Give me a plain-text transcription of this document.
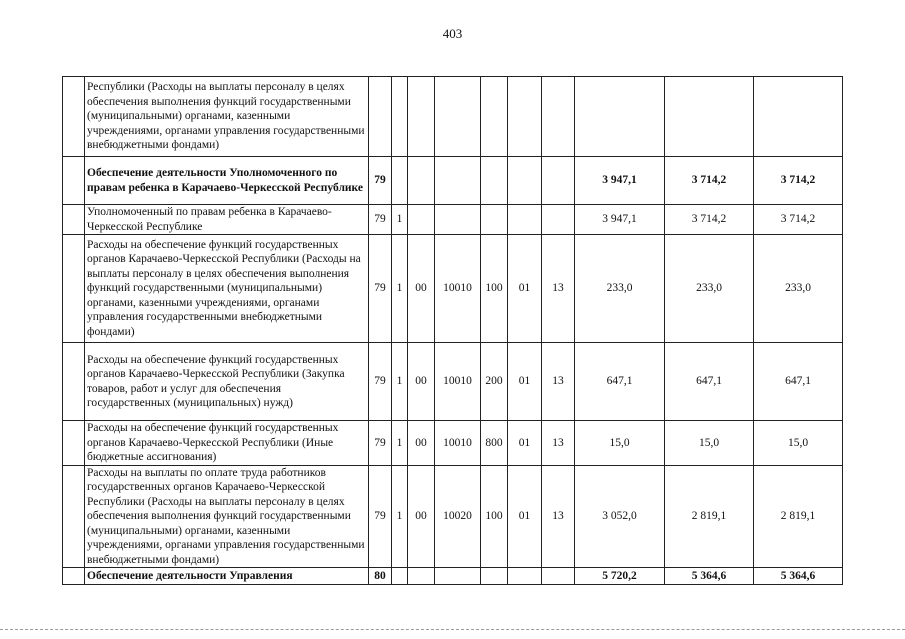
403
	Республики (Расходы на выплаты персоналу в целях обеспечения выполнения функций государственными (муниципальными) органами, казенными учреждениями, органами управления государственными внебюджетными фондами)										
	Обеспечение деятельности Уполномоченного по правам ребенка в Карачаево-Черкесской Республике	79							3 947,1	3 714,2	3 714,2
	Уполномоченный по правам ребенка в Карачаево-Черкесской Республике	79	1						3 947,1	3 714,2	3 714,2
	Расходы на обеспечение функций государственных органов Карачаево-Черкесской Республики (Расходы на выплаты персоналу в целях обеспечения выполнения функций государственными (муниципальными) органами, казенными учреждениями, органами управления государственными внебюджетными фондами)	79	1	00	10010	100	01	13	233,0	233,0	233,0
	Расходы на обеспечение функций государственных органов Карачаево-Черкесской Республики (Закупка товаров, работ и услуг для обеспечения государственных (муниципальных) нужд)	79	1	00	10010	200	01	13	647,1	647,1	647,1
	Расходы на обеспечение функций государственных органов Карачаево-Черкесской Республики (Иные бюджетные ассигнования)	79	1	00	10010	800	01	13	15,0	15,0	15,0
	Расходы на выплаты по оплате труда работников государственных органов Карачаево-Черкесской Республики (Расходы на выплаты персоналу в целях обеспечения выполнения функций государственными (муниципальными) органами, казенными учреждениями, органами управления государственными внебюджетными фондами)	79	1	00	10020	100	01	13	3 052,0	2 819,1	2 819,1
	Обеспечение деятельности Управления	80							5 720,2	5 364,6	5 364,6
